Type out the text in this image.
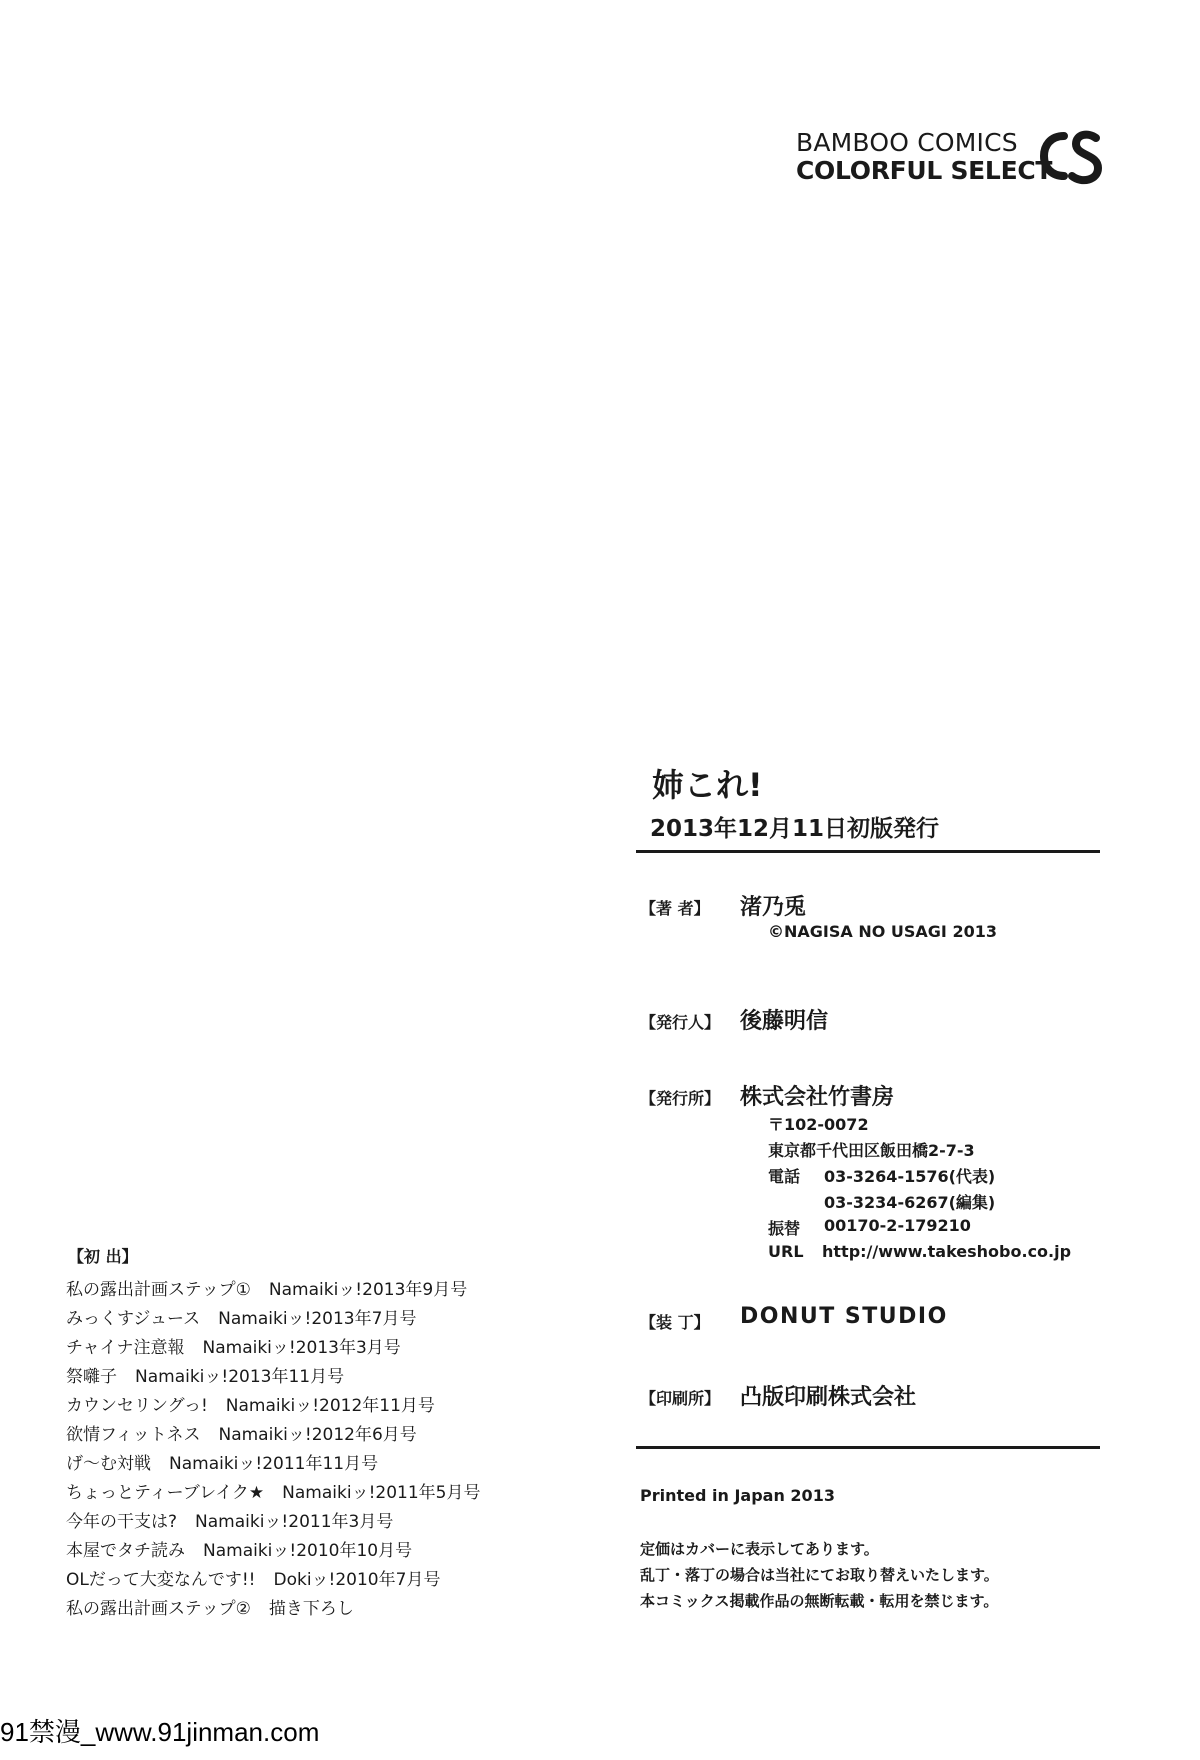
BAMBOO COMICS
COLORFUL SELECT
姉これ!
2013年12月11日初版発行
【著 者】 渚乃兎
©NAGISA NO USAGI 2013
【発行人】 後藤明信
【発行所】 株式会社竹書房
〒102-0072
東京都千代田区飯田橋2-7-3
電話 03-3264-1576(代表)
03-3234-6267(編集)
振替 00170-2-179210
URL http://www.takeshobo.co.jp
【装 丁】 DONUT STUDIO
【印刷所】 凸版印刷株式会社
Printed in Japan 2013
定価はカバーに表示してあります。
乱丁・落丁の場合は当社にてお取り替えいたします。
本コミックス掲載作品の無断転載・転用を禁じます。
【初 出】
私の露出計画ステップ① Namaikiッ!2013年9月号
みっくすジュース Namaikiッ!2013年7月号
チャイナ注意報 Namaikiッ!2013年3月号
祭囃子 Namaikiッ!2013年11月号
カウンセリングっ! Namaikiッ!2012年11月号
欲情フィットネス Namaikiッ!2012年6月号
げ〜む対戦 Namaikiッ!2011年11月号
ちょっとティーブレイク★ Namaikiッ!2011年5月号
今年の干支は? Namaikiッ!2011年3月号
本屋でタチ読み Namaikiッ!2010年10月号
OLだって大変なんです!! Dokiッ!2010年7月号
私の露出計画ステップ② 描き下ろし
91禁漫_www.91jinman.com
